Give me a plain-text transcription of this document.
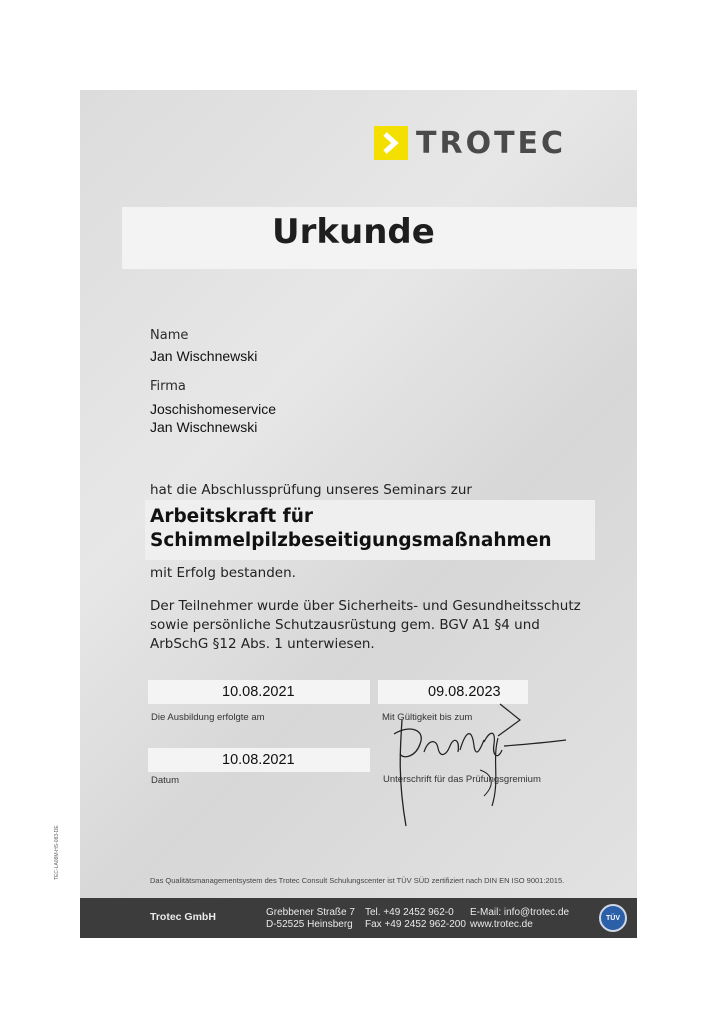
TROTEC
Urkunde
Name
Jan Wischnewski
Firma
Joschishomeservice
Jan Wischnewski
hat die Abschlussprüfung unseres Seminars zur
Arbeitskraft für
Schimmelpilzbeseitigungsmaßnahmen
mit Erfolg bestanden.
Der Teilnehmer wurde über Sicherheits- und Gesundheitsschutz
sowie persönliche Schutzausrüstung gem. BGV A1 §4 und
ArbSchG §12 Abs. 1 unterwiesen.
10.08.2021
Die Ausbildung erfolgte am
09.08.2023
Mit Gültigkeit bis zum
10.08.2021
Datum	Unterschrift für das Prüfungsgremium
Das Qualitätsmanagementsystem des Trotec Consult Schulungscenter ist TÜV SÜD zertifiziert nach DIN EN ISO 9001:2015.
Trotec GmbH	Grebbener Straße 7
D-52525 Heinsberg
Tel. +49 2452 962-0
Fax +49 2452 962-200
E-Mail: info@trotec.de
www.trotec.de
TÜV
TEC-LA08M-HS-083-DE
